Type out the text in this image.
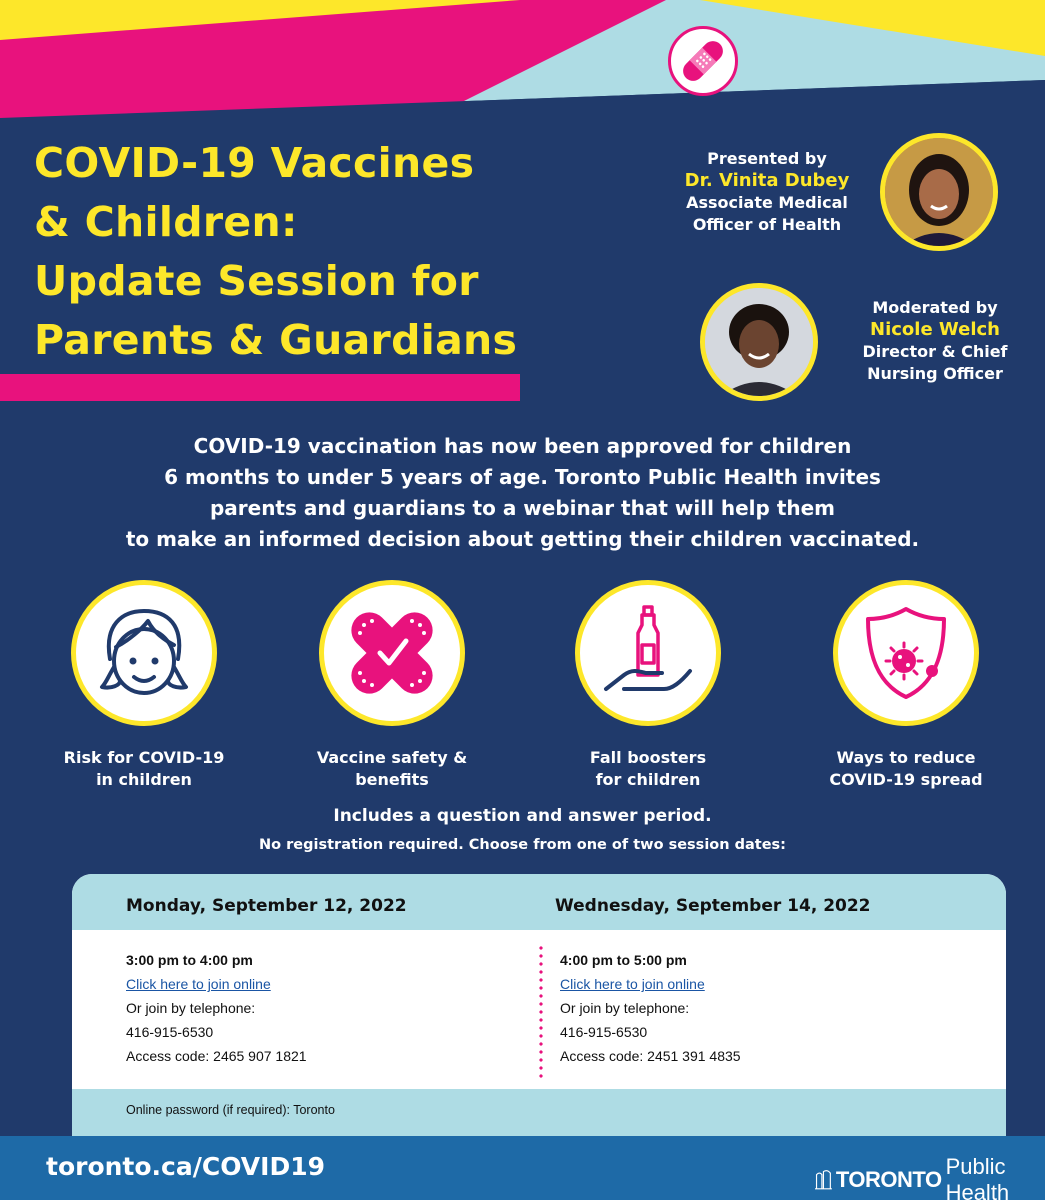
COVID-19 Vaccines
& Children:
Update Session for
Parents & Guardians
Presented by
Dr. Vinita Dubey
Associate Medical
Officer of Health
Moderated by
Nicole Welch
Director & Chief
Nursing Officer
COVID-19 vaccination has now been approved for children
6 months to under 5 years of age. Toronto Public Health invites
parents and guardians to a webinar that will help them
to make an informed decision about getting their children vaccinated.
Risk for COVID-19
in children
Vaccine safety &
benefits
Fall boosters
for children
Ways to reduce
COVID-19 spread
Includes a question and answer period.
No registration required. Choose from one of two session dates:
Monday, September 12, 2022	Wednesday, September 14, 2022
3:00 pm to 4:00 pm
Click here to join online
Or join by telephone:
416-915-6530
Access code: 2465 907 1821
4:00 pm to 5:00 pm
Click here to join online
Or join by telephone:
416-915-6530
Access code: 2451 391 4835
Online password (if required): Toronto
toronto.ca/COVID19	TORONTO
Public Health
